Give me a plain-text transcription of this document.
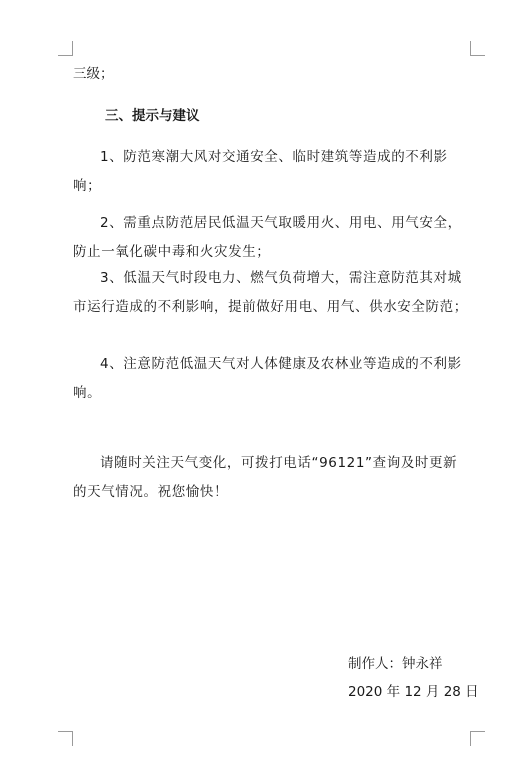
三级；
三、提示与建议
1、防范寒潮大风对交通安全、临时建筑等造成的不利影响；
2、需重点防范居民低温天气取暖用火、用电、用气安全，防止一氧化碳中毒和火灾发生；
3、低温天气时段电力、燃气负荷增大，需注意防范其对城市运行造成的不利影响，提前做好用电、用气、供水安全防范；
4、注意防范低温天气对人体健康及农林业等造成的不利影响。
请随时关注天气变化，可拨打电话“96121”查询及时更新的天气情况。祝您愉快！
制作人：钟永祥
2020 年 12 月 28 日
